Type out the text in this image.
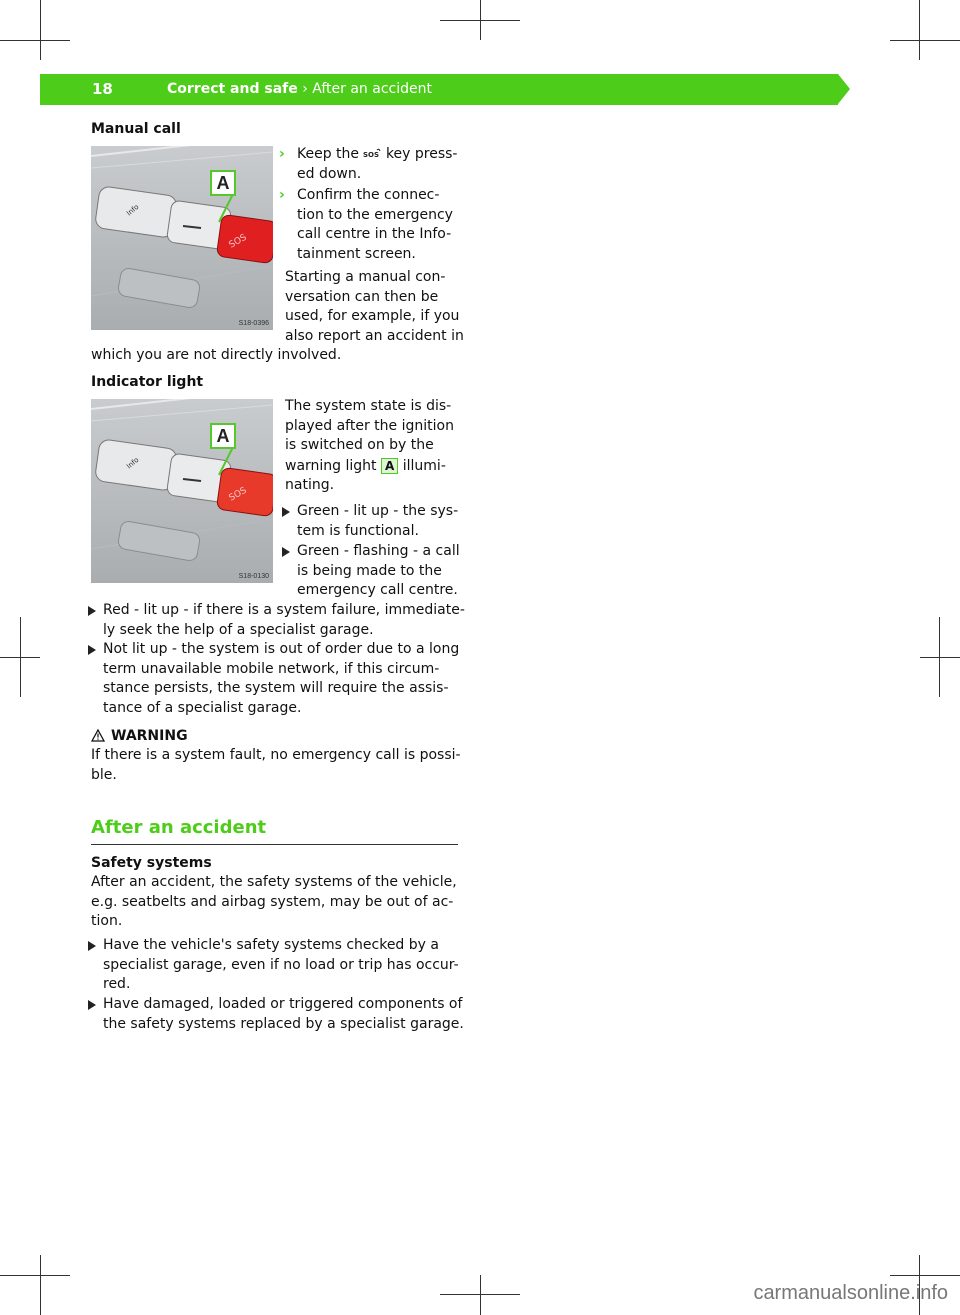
18	Correct and safe › After an accident
Manual call
Info
SOS
A
S18-0396
› Keep the SOS key press-
ed down.
› Confirm the connec-
tion to the emergency
call centre in the Info-
tainment screen.
Starting a manual con-
versation can then be
used, for example, if you
also report an accident in
which you are not directly involved.
Indicator light
Info
SOS
A
S18-0130
The system state is dis-
played after the ignition
is switched on by the
warning light A illumi-
nating.
Green - lit up - the sys-
tem is functional.
Green - flashing - a call
is being made to the
emergency call centre.
Red - lit up - if there is a system failure, immediate-
ly seek the help of a specialist garage.
Not lit up - the system is out of order due to a long
term unavailable mobile network, if this circum-
stance persists, the system will require the assis-
tance of a specialist garage.
WARNING
If there is a system fault, no emergency call is possi-
ble.
After an accident
Safety systems
After an accident, the safety systems of the vehicle,
e.g. seatbelts and airbag system, may be out of ac-
tion.
Have the vehicle's safety systems checked by a
specialist garage, even if no load or trip has occur-
red.
Have damaged, loaded or triggered components of
the safety systems replaced by a specialist garage.
carmanualsonline.info
